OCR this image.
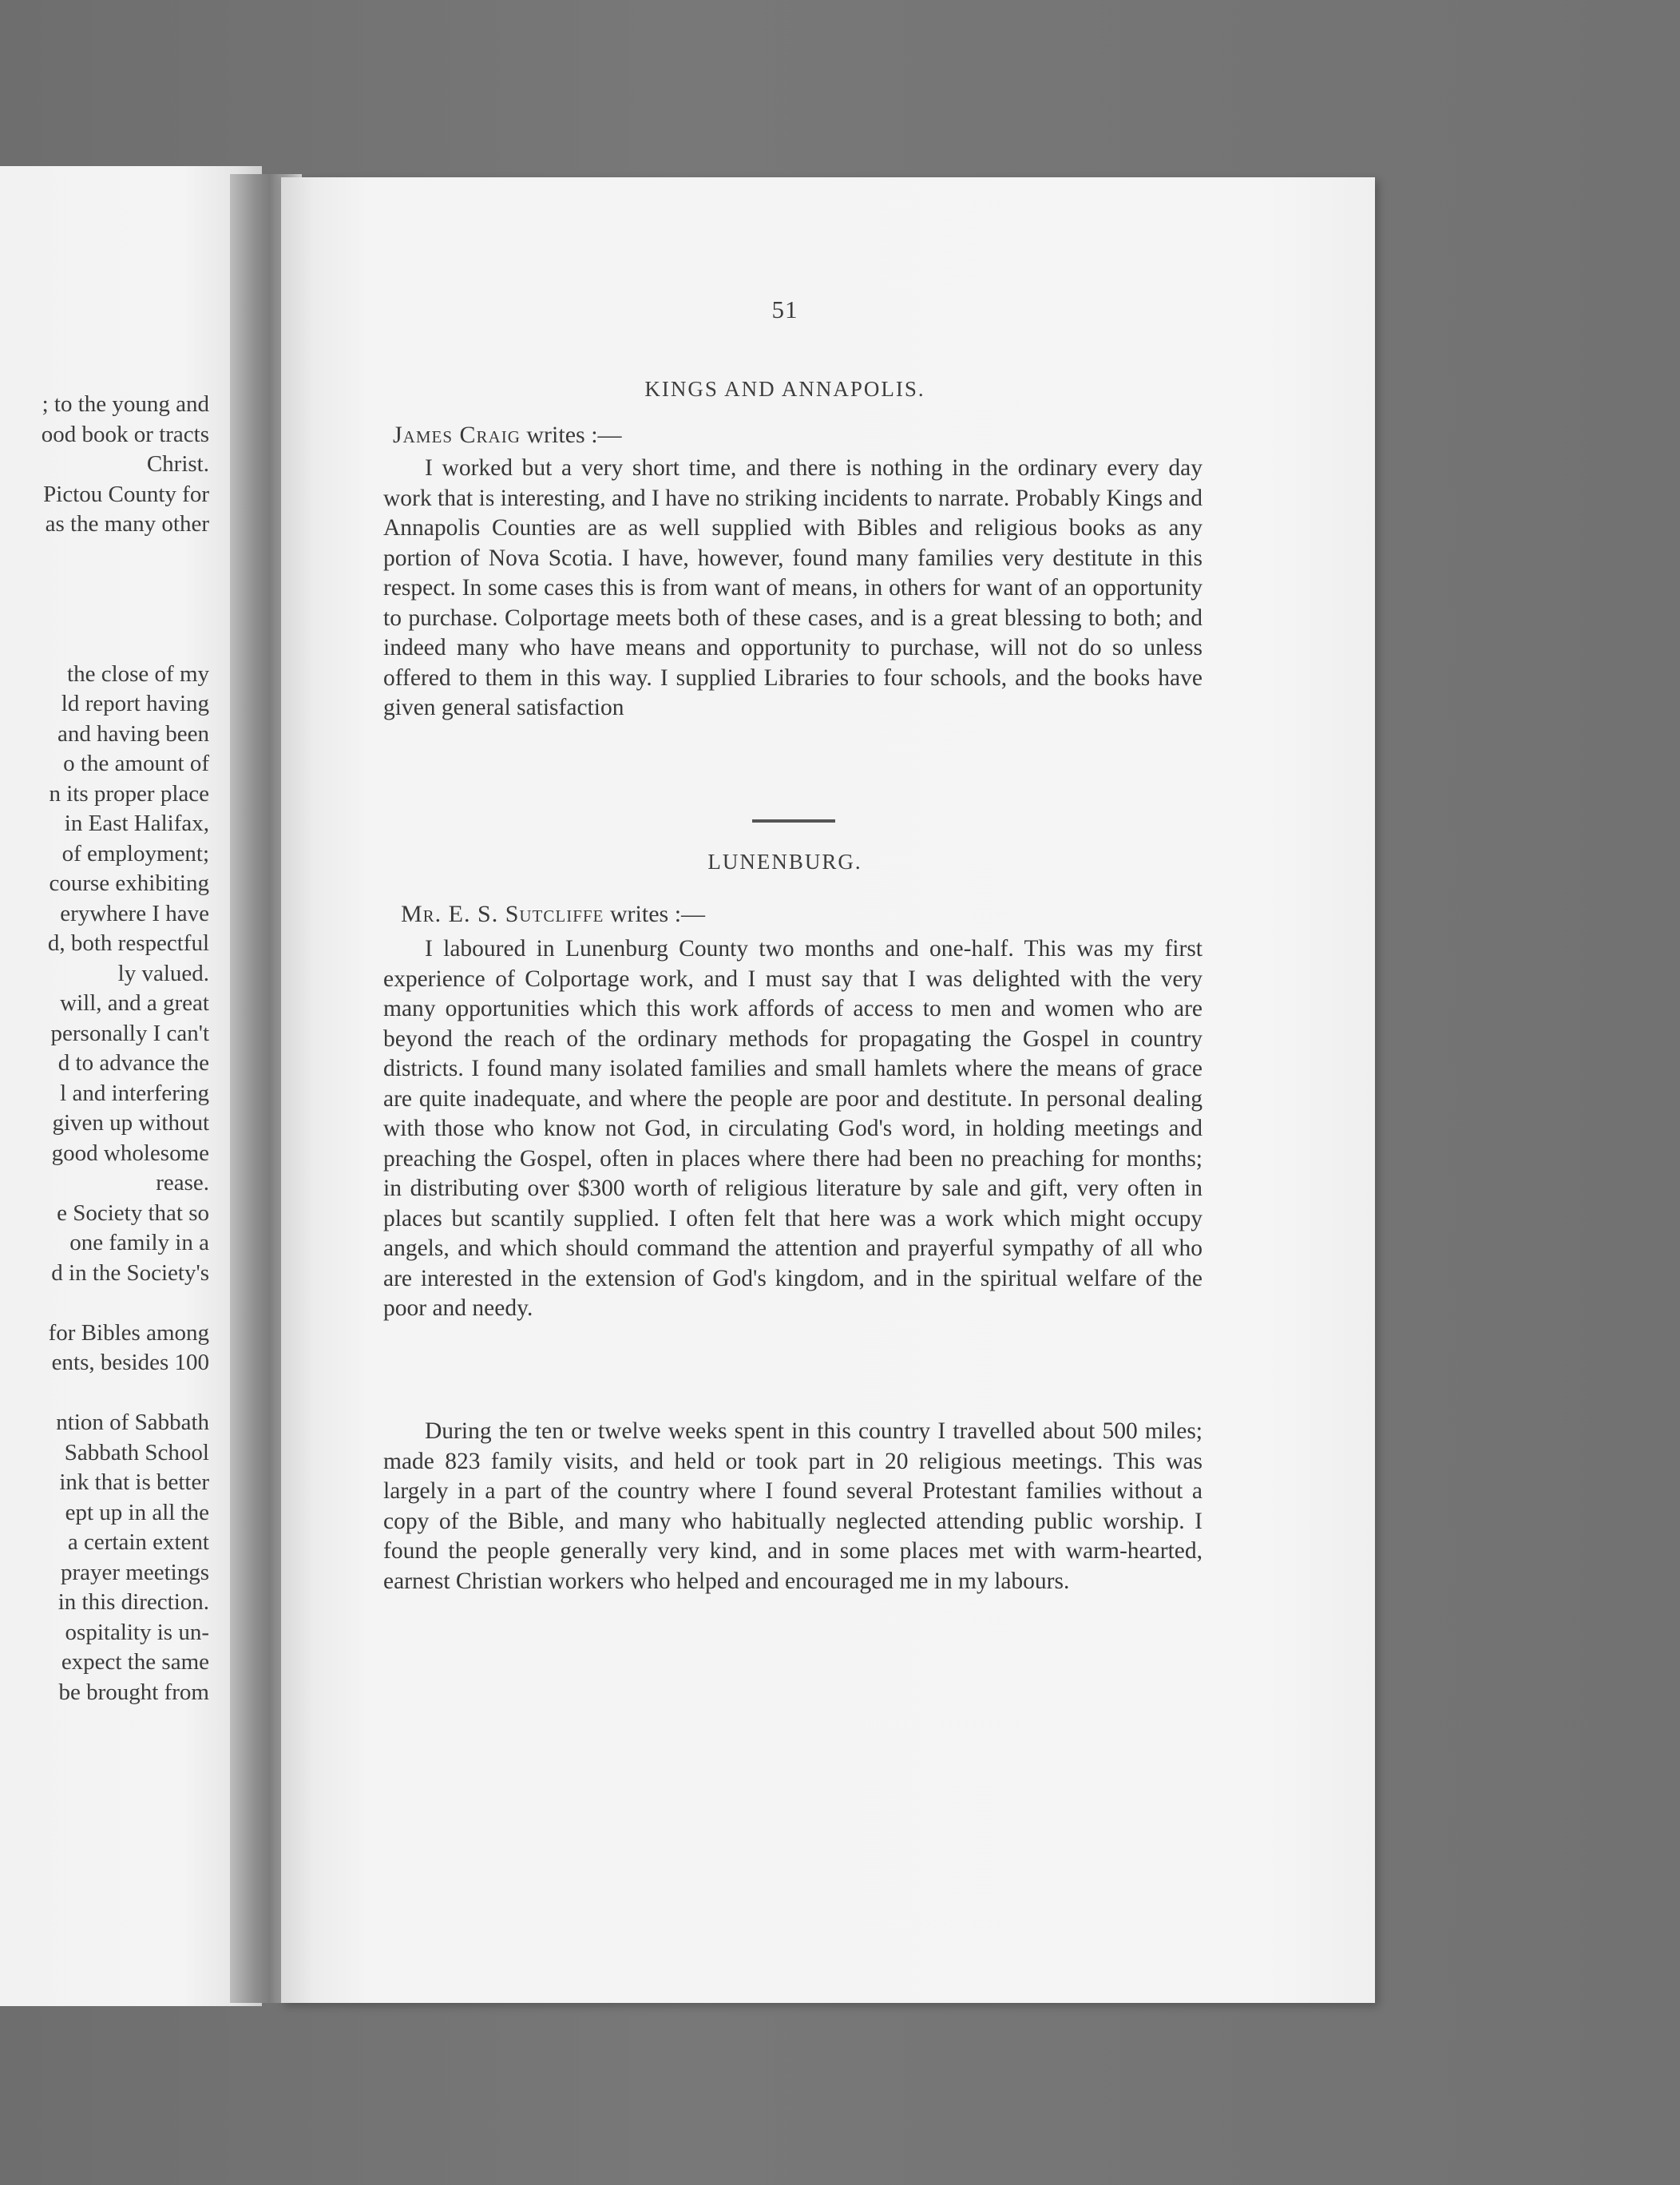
; to the young and
ood book or tracts
Christ.
Pictou County for
as the many other
the close of my
ld report having
and having been
o the amount of
n its proper place
in East Halifax,
of employment;
course exhibiting
erywhere I have
d, both respectful
ly valued.
will, and a great
personally I can't
d to advance the
l and interfering
given up without
good wholesome
rease.
e Society that so
one family in a
d in the Society's
for Bibles among
ents, besides 100
ntion of Sabbath
Sabbath School
ink that is better
ept up in all the
a certain extent
prayer meetings
in this direction.
ospitality is un-
expect the same
be brought from
51
KINGS AND ANNAPOLIS.
James Craig writes :—

I worked but a very short time, and there is nothing in the ordinary every day work that is interesting, and I have no striking incidents to narrate. Probably Kings and Annapolis Counties are as well supplied with Bibles and religious books as any portion of Nova Scotia. I have, however, found many families very destitute in this respect. In some cases this is from want of means, in others for want of an opportunity to purchase. Colportage meets both of these cases, and is a great blessing to both; and indeed many who have means and opportunity to purchase, will not do so unless offered to them in this way. I supplied Libraries to four schools, and the books have given general satisfaction

LUNENBURG.
Mr. E. S. Sutcliffe writes :—

I laboured in Lunenburg County two months and one-half. This was my first experience of Colportage work, and I must say that I was delighted with the very many opportunities which this work affords of access to men and women who are beyond the reach of the ordinary methods for propagating the Gospel in country districts. I found many isolated families and small hamlets where the means of grace are quite inadequate, and where the people are poor and destitute. In personal dealing with those who know not God, in circulating God's word, in holding meetings and preaching the Gospel, often in places where there had been no preaching for months; in distributing over $300 worth of religious literature by sale and gift, very often in places but scantily supplied. I often felt that here was a work which might occupy angels, and which should command the attention and prayerful sympathy of all who are interested in the extension of God's kingdom, and in the spiritual welfare of the poor and needy.

During the ten or twelve weeks spent in this country I travelled about 500 miles; made 823 family visits, and held or took part in 20 religious meetings. This was largely in a part of the country where I found several Protestant families without a copy of the Bible, and many who habitually neglected attending public worship. I found the people generally very kind, and in some places met with warm-hearted, earnest Christian workers who helped and encouraged me in my labours.
